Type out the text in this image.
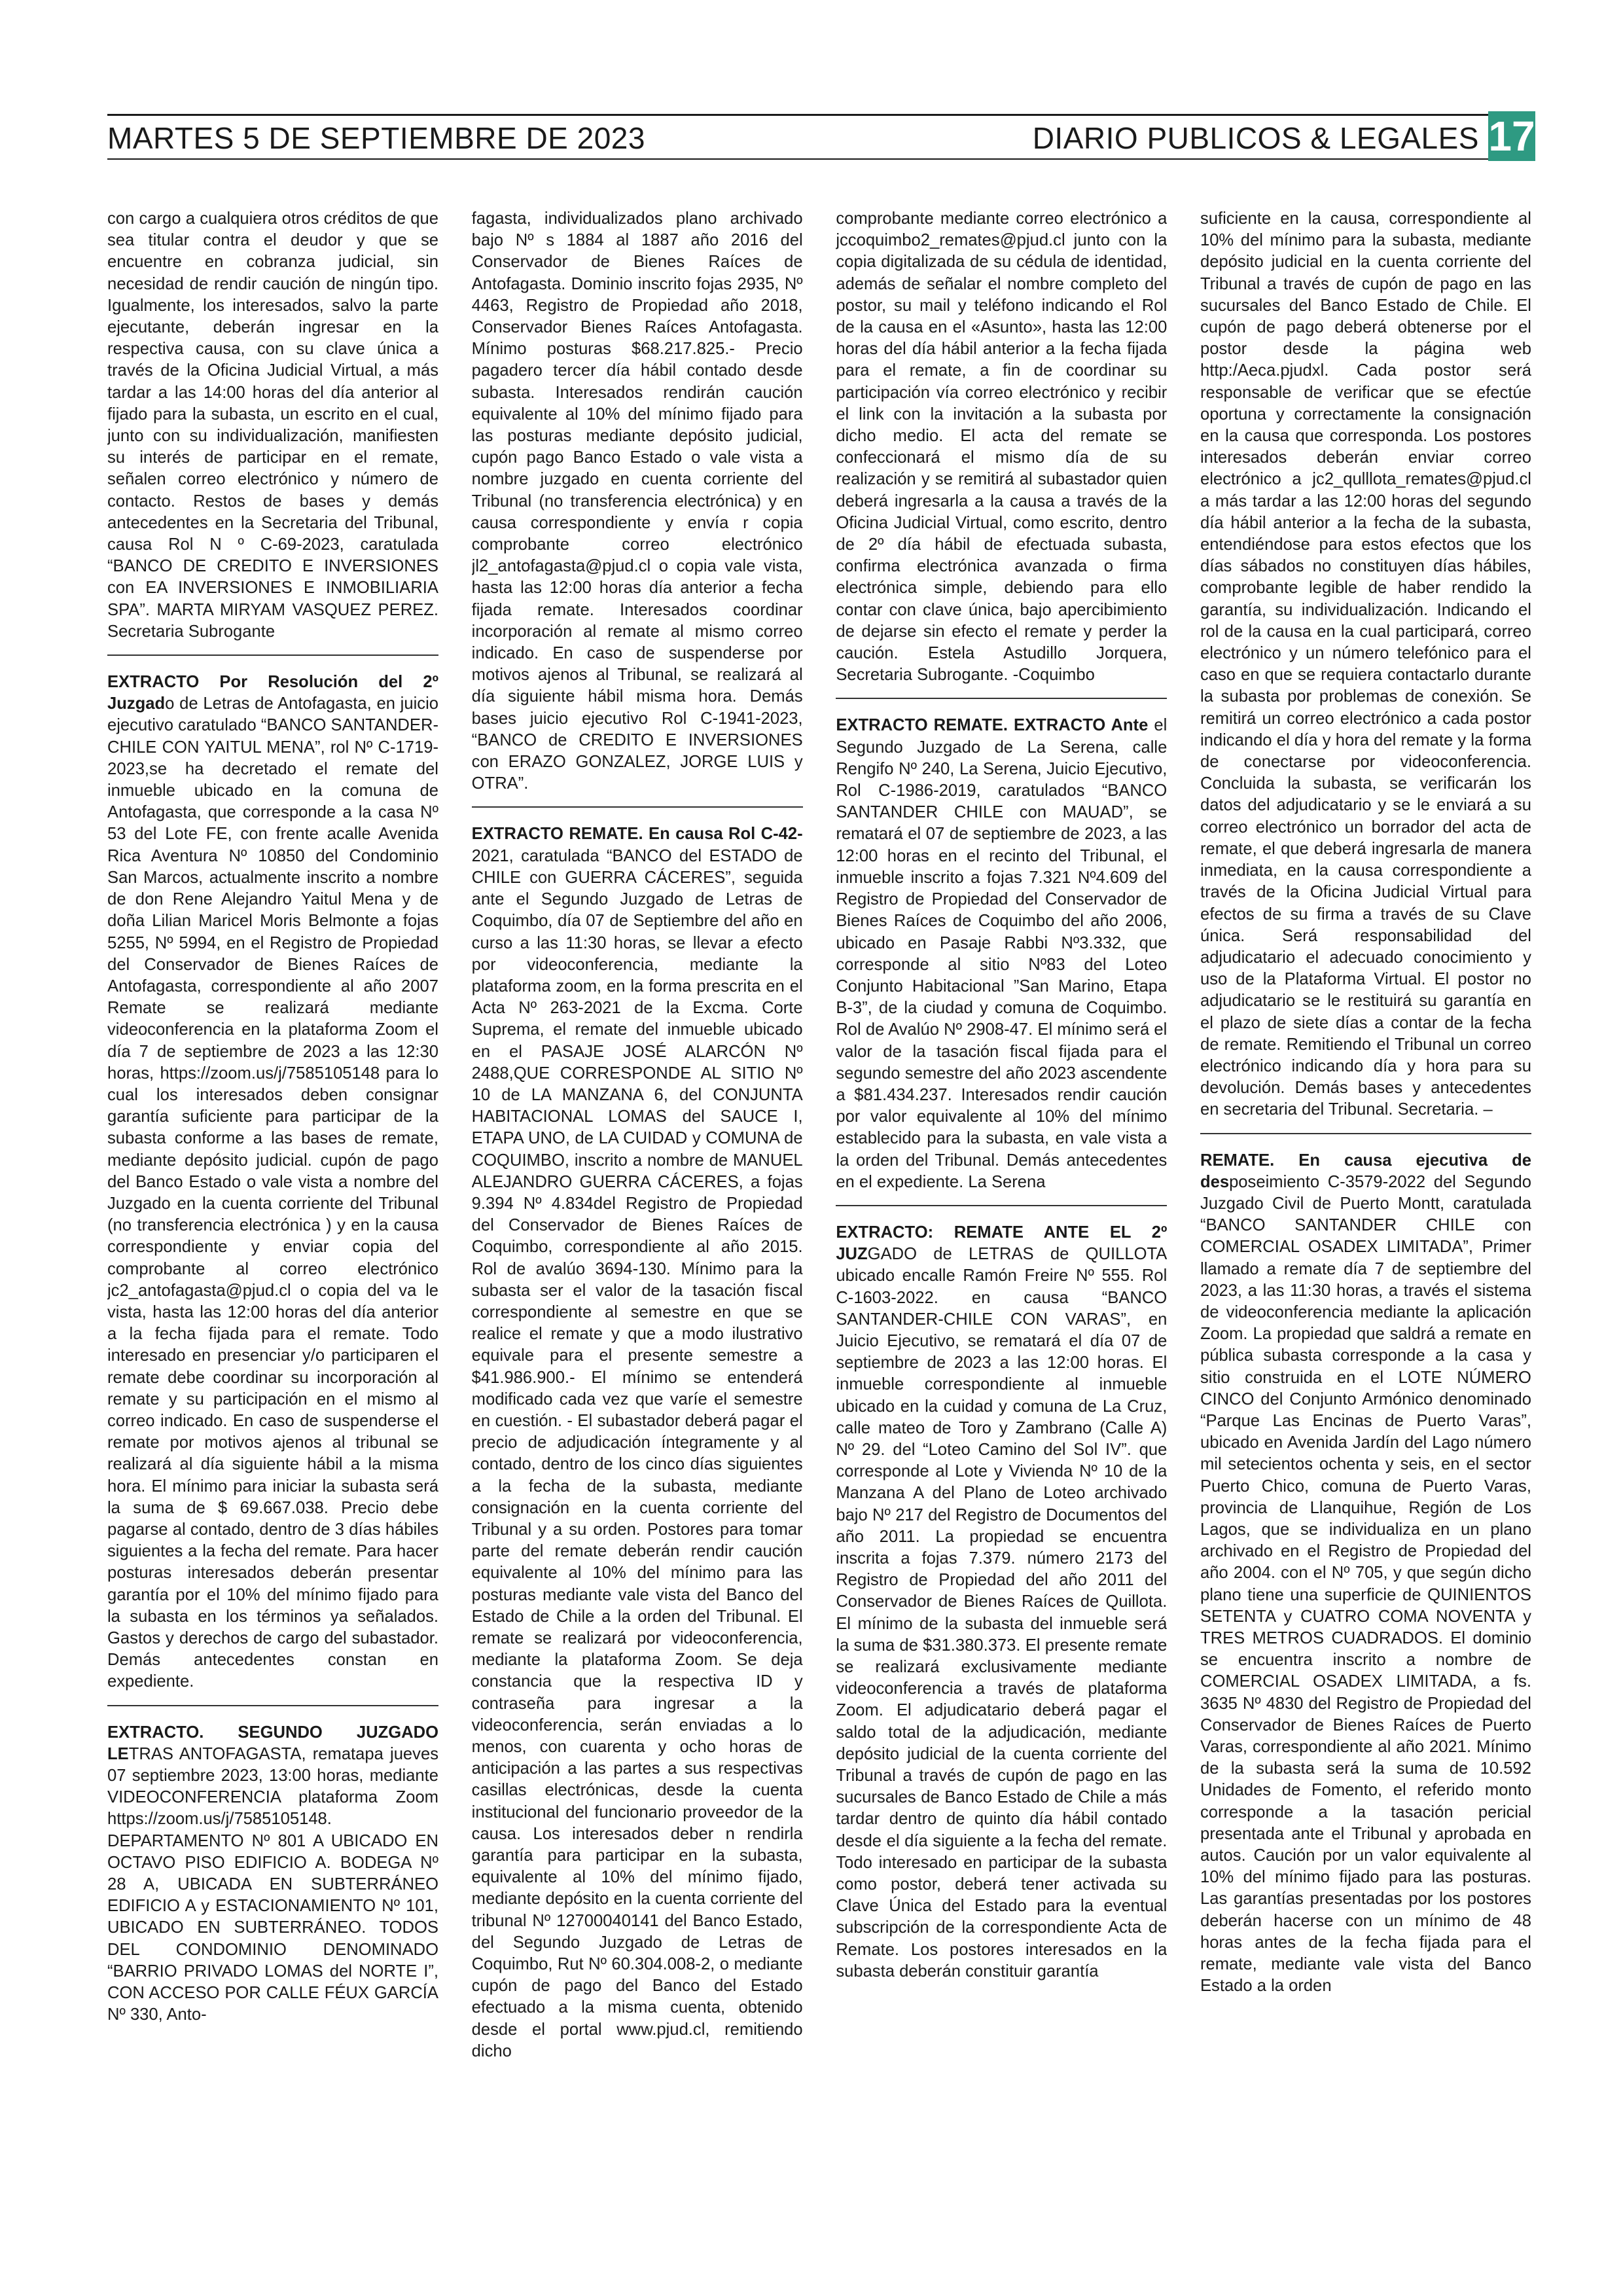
MARTES 5 DE SEPTIEMBRE DE 2023	DIARIO PUBLICOS & LEGALES 17

con cargo a cualquiera otros créditos de que sea titular contra el deudor y que se encuentre en cobranza judicial, sin necesidad de rendir caución de ningún tipo. Igualmente, los interesados, salvo la parte ejecutante, deberán ingresar en la respectiva causa, con su clave única a través de la Oficina Judicial Virtual, a más tardar a las 14:00 horas del día anterior al fijado para la subasta, un escrito en el cual, junto con su individualización, manifiesten su interés de participar en el remate, señalen correo electrónico y número de contacto. Restos de bases y demás antecedentes en la Secretaria del Tribunal, causa Rol N º C-69-2023, caratulada “BANCO DE CREDITO E INVERSIONES con EA INVERSIONES E INMOBILIARIA SPA”. MARTA MIRYAM VASQUEZ PEREZ. Secretaria Subrogante

EXTRACTO Por Resolución del 2º Juzgado de Letras de Antofagasta, en juicio ejecutivo caratulado “BANCO SANTANDER-CHILE CON YAITUL MENA”, rol Nº C-1719-2023,se ha decretado el remate del inmueble ubicado en la comuna de Antofagasta, que corresponde a la casa Nº 53 del Lote FE, con frente acalle Avenida Rica Aventura Nº 10850 del Condominio San Marcos, actualmente inscrito a nombre de don Rene Alejandro Yaitul Mena y de doña Lilian Maricel Moris Belmonte a fojas 5255, Nº 5994, en el Registro de Propiedad del Conservador de Bienes Raíces de Antofagasta, correspondiente al año 2007 Remate se realizará mediante videoconferencia en la plataforma Zoom el día 7 de septiembre de 2023 a las 12:30 horas, https://zoom.us/j/7585105148 para lo cual los interesados deben consignar garantía suficiente para participar de la subasta conforme a las bases de remate, mediante depósito judicial. cupón de pago del Banco Estado o vale vista a nombre del Juzgado en la cuenta corriente del Tribunal (no transferencia electrónica ) y en la causa correspondiente y enviar copia del comprobante al correo electrónico jc2_antofagasta@pjud.cl o copia del va le vista, hasta las 12:00 horas del día anterior a la fecha fijada para el remate. Todo interesado en presenciar y/o participaren el remate debe coordinar su incorporación al remate y su participación en el mismo al correo indicado. En caso de suspenderse el remate por motivos ajenos al tribunal se realizará al día siguiente hábil a la misma hora. El mínimo para iniciar la subasta será la suma de $ 69.667.038. Precio debe pagarse al contado, dentro de 3 días hábiles siguientes a la fecha del remate. Para hacer posturas interesados deberán presentar garantía por el 10% del mínimo fijado para la subasta en los términos ya señalados. Gastos y derechos de cargo del subastador. Demás antecedentes constan en expediente.

EXTRACTO. SEGUNDO JUZGADO LETRAS ANTOFAGASTA, remataра jueves 07 septiembre 2023, 13:00 horas, mediante VIDEOCONFERENCIA plataforma Zoom https://zoom.us/j/7585105148. DEPARTAMENTO Nº 801 A UBICADO EN OCTAVO PISO EDIFICIO A. BODEGA Nº 28 A, UBICADA EN SUBTERRÁNEO EDIFICIO A y ESTACIONAMIENTO Nº 101, UBICADO EN SUBTERRÁNEO. TODOS DEL CONDOMINIO DENOMINADO “BARRIO PRIVADO LOMAS del NORTE I”, CON ACCESO POR CALLE FÉUX GARCÍA Nº 330, Anto-

fagasta, individualizados plano archivado bajo Nº s 1884 al 1887 año 2016 del Conservador de Bienes Raíces de Antofagasta. Dominio inscrito fojas 2935, Nº 4463, Registro de Propiedad año 2018, Conservador Bienes Raíces Antofagasta. Mínimo posturas $68.217.825.- Precio pagadero tercer día hábil contado desde subasta. Interesados rendirán caución equivalente al 10% del mínimo fijado para las posturas mediante depósito judicial, cupón pago Banco Estado o vale vista a nombre juzgado en cuenta corriente del Tribunal (no transferencia electrónica) y en causa correspondiente y envía r copia comprobante correo electrónico jl2_antofagasta@pjud.cl o copia vale vista, hasta las 12:00 horas día anterior a fecha fijada remate. Interesados coordinar incorporación al remate al mismo correo indicado. En caso de suspenderse por motivos ajenos al Tribunal, se realizará al día siguiente hábil misma hora. Demás bases juicio ejecutivo Rol C-1941-2023, “BANCO de CREDITO E INVERSIONES con ERAZO GONZALEZ, JORGE LUIS y OTRA”.

EXTRACTO REMATE. En causa Rol C-42-2021, caratulada “BANCO del ESTADO de CHILE con GUERRA CÁCERES”, seguida ante el Segundo Juzgado de Letras de Coquimbo, día 07 de Septiembre del año en curso a las 11:30 horas, se llevar a efecto por videoconferencia, mediante la plataforma zoom, en la forma prescrita en el Acta Nº 263-2021 de la Excma. Corte Suprema, el remate del inmueble ubicado en el PASAJE JOSÉ ALARCÓN Nº 2488,QUE CORRESPONDE AL SITIO Nº 10 de LA MANZANA 6, del CONJUNTA HABITACIONAL LOMAS del SAUCE I, ETAPA UNO, de LA CUIDAD y COMUNA de COQUIMBO, inscrito a nombre de MANUEL ALEJANDRO GUERRA CÁCERES, a fojas 9.394 Nº 4.834del Registro de Propiedad del Conservador de Bienes Raíces de Coquimbo, correspondiente al año 2015. Rol de avalúo 3694-130. Mínimo para la subasta ser el valor de la tasación fiscal correspondiente al semestre en que se realice el remate y que a modo ilustrativo equivale para el presente semestre a $41.986.900.- El mínimo se entenderá modificado cada vez que varíe el semestre en cuestión. - El subastador deberá pagar el precio de adjudicación íntegramente y al contado, dentro de los cinco días siguientes a la fecha de la subasta, mediante consignación en la cuenta corriente del Tribunal y a su orden. Postores para tomar parte del remate deberán rendir caución equivalente al 10% del mínimo para las posturas mediante vale vista del Banco del Estado de Chile a la orden del Tribunal. El remate se realizará por videoconferencia, mediante la plataforma Zoom. Se deja constancia que la respectiva ID y contraseña para ingresar a la videoconferencia, serán enviadas a lo menos, con cuarenta y ocho horas de anticipación a las partes a sus respectivas casillas electrónicas, desde la cuenta institucional del funcionario proveedor de la causa. Los interesados deber n rendirla garantía para participar en la subasta, equivalente al 10% del mínimo fijado, mediante depósito en la cuenta corriente del tribunal Nº 12700040141 del Banco Estado, del Segundo Juzgado de Letras de Coquimbo, Rut Nº 60.304.008-2, o mediante cupón de pago del Banco del Estado efectuado a la misma cuenta, obtenido desde el portal www.pjud.cl, remitiendo dicho

comprobante mediante correo electrónico a jccoquimbo2_remates@pjud.cl junto con la copia digitalizada de su cédula de identidad, además de señalar el nombre completo del postor, su mail y teléfono indicando el Rol de la causa en el «Asunto», hasta las 12:00 horas del día hábil anterior a la fecha fijada para el remate, a fin de coordinar su participación vía correo electrónico y recibir el link con la invitación a la subasta por dicho medio. El acta del remate se confeccionará el mismo día de su realización y se remitirá al subastador quien deberá ingresarla a la causa a través de la Oficina Judicial Virtual, como escrito, dentro de 2º día hábil de efectuada subasta, confirma electrónica avanzada o firma electrónica simple, debiendo para ello contar con clave única, bajo apercibimiento de dejarse sin efecto el remate y perder la caución. Estela Astudillo Jorquera, Secretaria Subrogante. -Coquimbo

EXTRACTO REMATE. EXTRACTO Ante el Segundo Juzgado de La Serena, calle Rengifo Nº 240, La Serena, Juicio Ejecutivo, Rol C-1986-2019, caratulados “BANCO SANTANDER CHILE con MAUAD”, se rematará el 07 de septiembre de 2023, a las 12:00 horas en el recinto del Tribunal, el inmueble inscrito a fojas 7.321 Nº4.609 del Registro de Propiedad del Conservador de Bienes Raíces de Coquimbo del año 2006, ubicado en Pasaje Rabbi Nº3.332, que corresponde al sitio Nº83 del Loteo Conjunto Habitacional ”San Marino, Etapa B-3”, de la ciudad y comuna de Coquimbo. Rol de Avalúo Nº 2908-47. El mínimo será el valor de la tasación fiscal fijada para el segundo semestre del año 2023 ascendente a $81.434.237. Interesados rendir caución por valor equivalente al 10% del mínimo establecido para la subasta, en vale vista a la orden del Tribunal. Demás antecedentes en el expediente. La Serena

EXTRACTO: REMATE ANTE EL 2º JUZGADO de LETRAS de QUILLOTA ubicado encalle Ramón Freire Nº 555. Rol C-1603-2022. en causa “BANCO SANTANDER-CHILE CON VARAS”, en Juicio Ejecutivo, se rematará el día 07 de septiembre de 2023 a las 12:00 horas. El inmueble correspondiente al inmueble ubicado en la cuidad y comuna de La Cruz, calle mateo de Toro y Zambrano (Calle A) Nº 29. del “Loteo Camino del Sol IV”. que corresponde al Lote y Vivienda Nº 10 de la Manzana A del Plano de Loteo archivado bajo Nº 217 del Registro de Documentos del año 2011. La propiedad se encuentra inscrita a fojas 7.379. número 2173 del Registro de Propiedad del año 2011 del Conservador de Bienes Raíces de Quillota. El mínimo de la subasta del inmueble será la suma de $31.380.373. El presente remate se realizará exclusivamente mediante videoconferencia a través de plataforma Zoom. El adjudicatario deberá pagar el saldo total de la adjudicación, mediante depósito judicial de la cuenta corriente del Tribunal a través de cupón de pago en las sucursales de Banco Estado de Chile a más tardar dentro de quinto día hábil contado desde el día siguiente a la fecha del remate. Todo interesado en participar de la subasta como postor, deberá tener activada su Clave Única del Estado para la eventual subscripción de la correspondiente Acta de Remate. Los postores interesados en la subasta deberán constituir garantía

suficiente en la causa, correspondiente al 10% del mínimo para la subasta, mediante depósito judicial en la cuenta corriente del Tribunal a través de cupón de pago en las sucursales del Banco Estado de Chile. El cupón de pago deberá obtenerse por el postor desde la página web http:/Aeca.pjudxl. Cada postor será responsable de verificar que se efectúe oportuna y correctamente la consignación en la causa que corresponda. Los postores interesados deberán enviar correo electrónico a jc2_qulllota_remates@pjud.cl a más tardar a las 12:00 horas del segundo día hábil anterior a la fecha de la subasta, entendiéndose para estos efectos que los días sábados no constituyen días hábiles, comprobante legible de haber rendido la garantía, su individualización. Indicando el rol de la causa en la cual participará, correo electrónico y un número telefónico para el caso en que se requiera contactarlo durante la subasta por problemas de conexión. Se remitirá un correo electrónico a cada postor indicando el día y hora del remate y la forma de conectarse por videoconferencia. Concluida la subasta, se verificarán los datos del adjudicatario y se le enviará a su correo electrónico un borrador del acta de remate, el que deberá ingresarla de manera inmediata, en la causa correspondiente a través de la Oficina Judicial Virtual para efectos de su firma a través de su Clave única. Será responsabilidad del adjudicatario el adecuado conocimiento y uso de la Plataforma Virtual. El postor no adjudicatario se le restituirá su garantía en el plazo de siete días a contar de la fecha de remate. Remitiendo el Tribunal un correo electrónico indicando día y hora para su devolución. Demás bases y antecedentes en secretaria del Tribunal. Secretaria. –

REMATE. En causa ejecutiva de desposeimiento C-3579-2022 del Segundo Juzgado Civil de Puerto Montt, caratulada “BANCO SANTANDER CHILE con COMERCIAL OSADEX LIMITADA”, Primer llamado a remate día 7 de septiembre del 2023, a las 11:30 horas, a través el sistema de videoconferencia mediante la aplicación Zoom. La propiedad que saldrá a remate en pública subasta corresponde a la casa y sitio construida en el LOTE NÚMERO CINCO del Conjunto Armónico denominado “Parque Las Encinas de Puerto Varas”, ubicado en Avenida Jardín del Lago número mil setecientos ochenta y seis, en el sector Puerto Chico, comuna de Puerto Varas, provincia de Llanquihue, Región de Los Lagos, que se individualiza en un plano archivado en el Registro de Propiedad del año 2004. con el Nº 705, y que según dicho plano tiene una superficie de QUINIENTOS SETENTA y CUATRO COMA NOVENTA y TRES METROS CUADRADOS. El dominio se encuentra inscrito a nombre de COMERCIAL OSADEX LIMITADA, a fs. 3635 Nº 4830 del Registro de Propiedad del Conservador de Bienes Raíces de Puerto Varas, correspondiente al año 2021. Mínimo de la subasta será la suma de 10.592 Unidades de Fomento, el referido monto corresponde a la tasación pericial presentada ante el Tribunal y aprobada en autos. Caución por un valor equivalente al 10% del mínimo fijado para las posturas. Las garantías presentadas por los postores deberán hacerse con un mínimo de 48 horas antes de la fecha fijada para el remate, mediante vale vista del Banco Estado a la orden
